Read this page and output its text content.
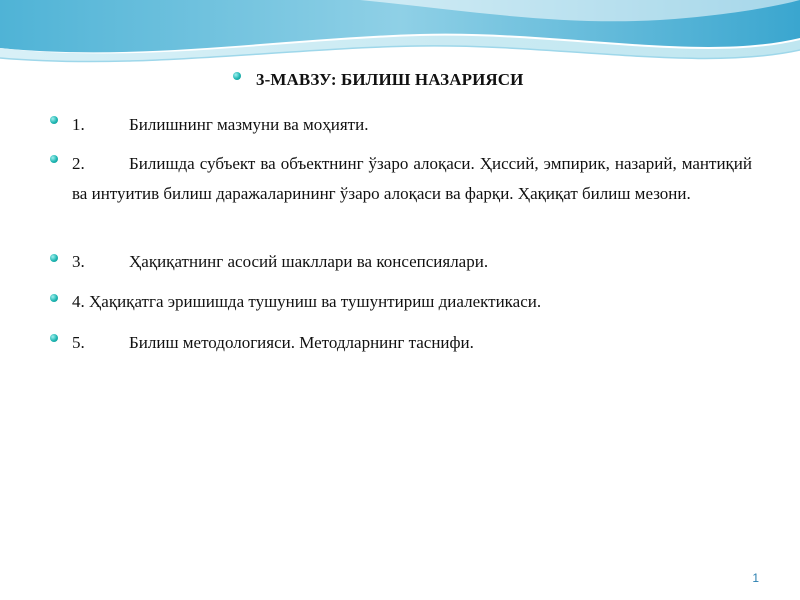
3-МАВЗУ: БИЛИШ НАЗАРИЯСИ
1.	Билишнинг мазмуни ва моҳияти.
2.	Билишда субъект ва объектнинг ўзаро алоқаси. Ҳиссий, эмпирик, назарий, мантиқий ва интуитив билиш даражаларининг ўзаро алоқаси ва фарқи. Ҳақиқат билиш мезони.
3.	Ҳақиқатнинг асосий шакллари ва консепсиялари.
4. Ҳақиқатга эришишда тушуниш ва тушунтириш диалектикаси.
5.	Билиш методологияси. Методларнинг таснифи.
1
